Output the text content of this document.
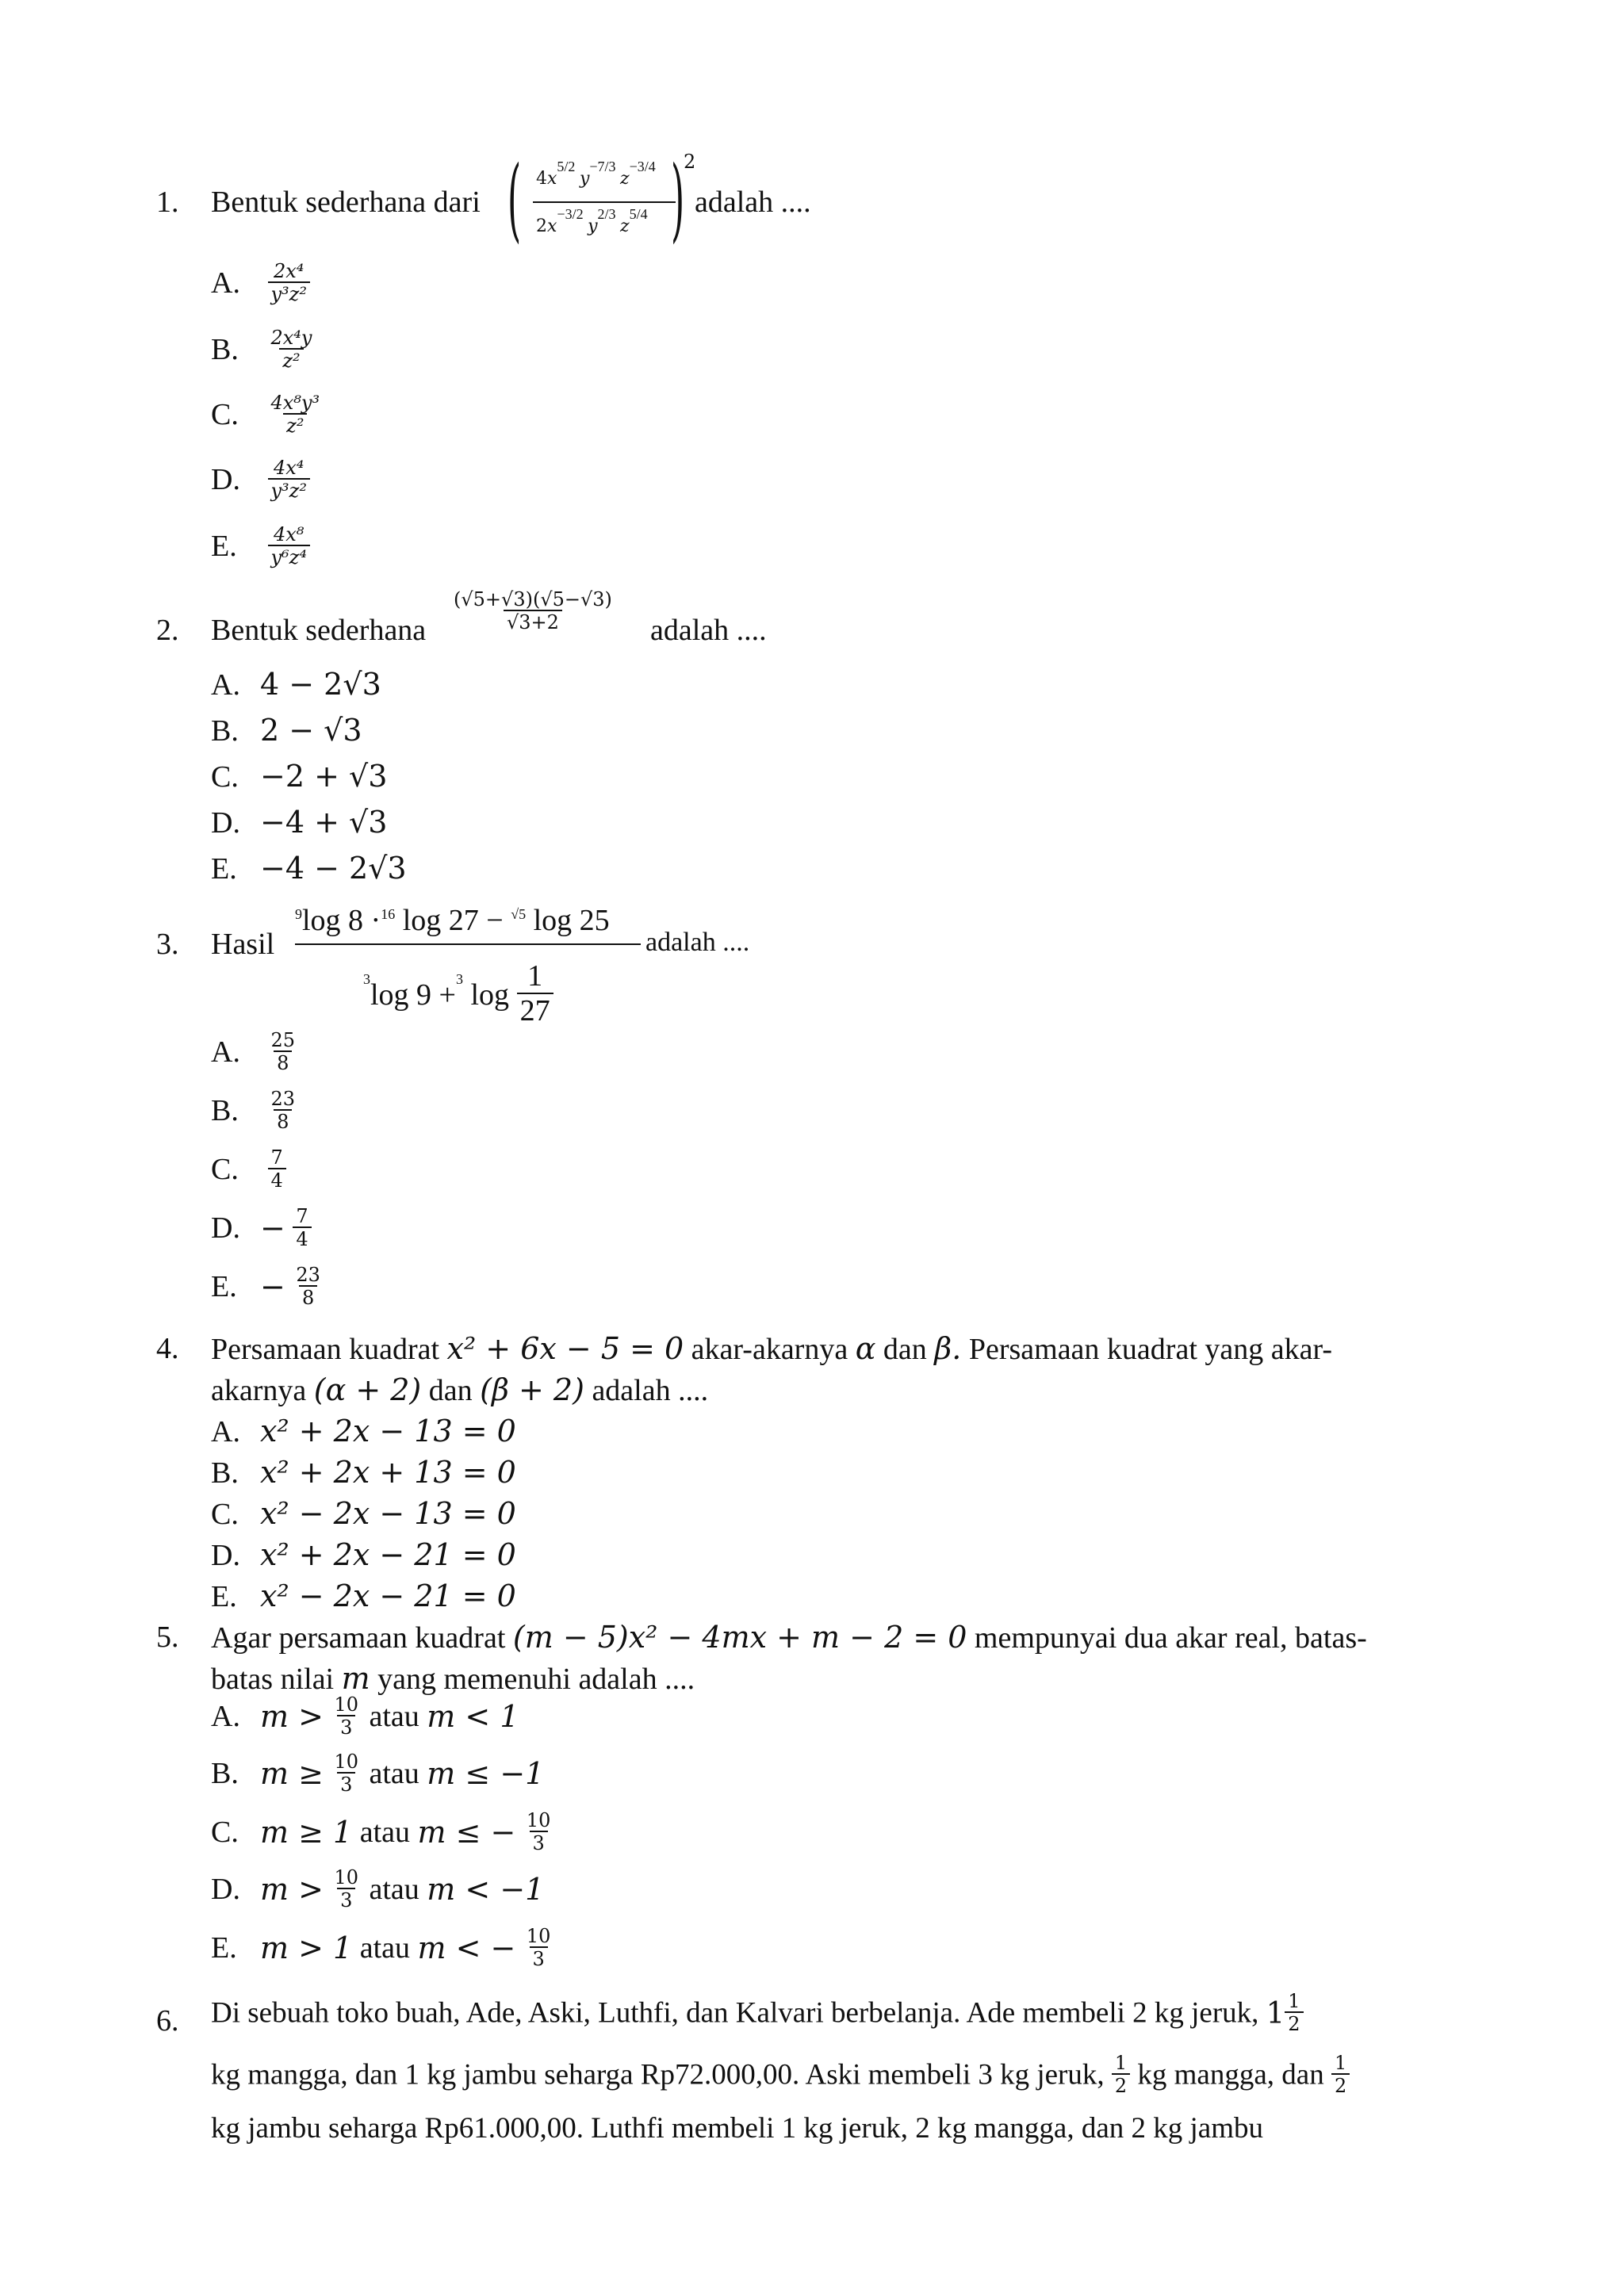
1. Bentuk sederhana dari ( $4x^{5/2}$ $y^{-7/3}$ $z^{-3/4}$
$2x^{-3/2}$ $y^{2/3}$ $z^{5/4}$ )
2
adalah ....
A. $\frac{\text{2x⁴}}{\text{y³z²}}$
B. $\frac{\text{2x⁴y}}{\text{z²}}$
C. $\frac{\text{4x⁸y³}}{\text{z²}}$
D. $\frac{\text{4x⁴}}{\text{y³z²}}$
E. $\frac{\text{4x⁸}}{\text{y⁶z⁴}}$
2. Bentuk sederhana $\frac{(√5+√3)(√5-√3)}{√3+2}$ adalah ....
A. 4 − 2√3
B. 2 − √3
C. −2 + √3
D. −4 + √3
E. −4 − 2√3
3. Hasil
$^9$log 8 ·$^{16}$ log 27 − $^{√5}$ log 25
3log 9 +3 $\log \frac{1}{27}$
adalah ....
A. $\frac{25}{8}$
B. $\frac{23}{8}$
C. $\frac{7}{4}$
D. − $\frac{7}{4}$
E. − $\frac{23}{8}$
4. Persamaan kuadrat x² + 6x − 5 = 0 akar-akarnya α dan β. Persamaan kuadrat yang akar-
akarnya (α + 2) dan (β + 2) adalah ....
A. x² + 2x − 13 = 0
B. x² + 2x + 13 = 0
C. x² − 2x − 13 = 0
D. x² + 2x − 21 = 0
E. x² − 2x − 21 = 0
5. Agar persamaan kuadrat (m − 5)x² − 4mx + m − 2 = 0 mempunyai dua akar real, batas-
batas nilai m yang memenuhi adalah ....
A. $m > \frac{10}{3}$ atau m < 1
B. $m \ge \frac{10}{3}$ atau m ≤ −1
C. m ≥ 1 atau m ≤ − $\frac{10}{3}$
D. $m > \frac{10}{3}$ atau m < −1
E. m > 1 atau m < − $\frac{10}{3}$
6. Di sebuah toko buah, Ade, Aski, Luthfi, dan Kalvari berbelanja. Ade membeli 2 kg jeruk, $1 \frac{1}{2}$
kg mangga, dan 1 kg jambu seharga Rp72.000,00. Aski membeli 3 kg jeruk, $\frac{1}{2}$ kg mangga, dan $\frac{1}{2}$
kg jambu seharga Rp61.000,00. Luthfi membeli 1 kg jeruk, 2 kg mangga, dan 2 kg jambu
